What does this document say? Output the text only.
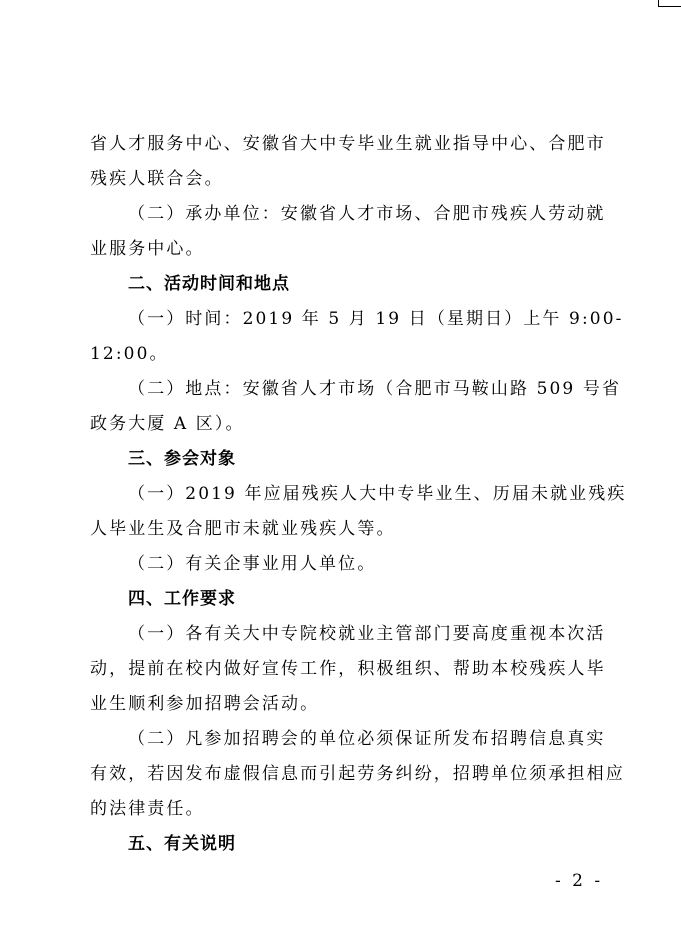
省人才服务中心、安徽省大中专毕业生就业指导中心、合肥市
残疾人联合会。
（二）承办单位：安徽省人才市场、合肥市残疾人劳动就
业服务中心。
二、活动时间和地点
（一）时间：2019 年 5 月 19 日（星期日）上午 9:00-
12:00。
（二）地点：安徽省人才市场（合肥市马鞍山路 509 号省
政务大厦 A 区）。
三、参会对象
（一）2019 年应届残疾人大中专毕业生、历届未就业残疾
人毕业生及合肥市未就业残疾人等。
（二）有关企事业用人单位。
四、工作要求
（一）各有关大中专院校就业主管部门要高度重视本次活
动，提前在校内做好宣传工作，积极组织、帮助本校残疾人毕
业生顺利参加招聘会活动。
（二）凡参加招聘会的单位必须保证所发布招聘信息真实
有效，若因发布虚假信息而引起劳务纠纷，招聘单位须承担相应
的法律责任。
五、有关说明
- 2 -
